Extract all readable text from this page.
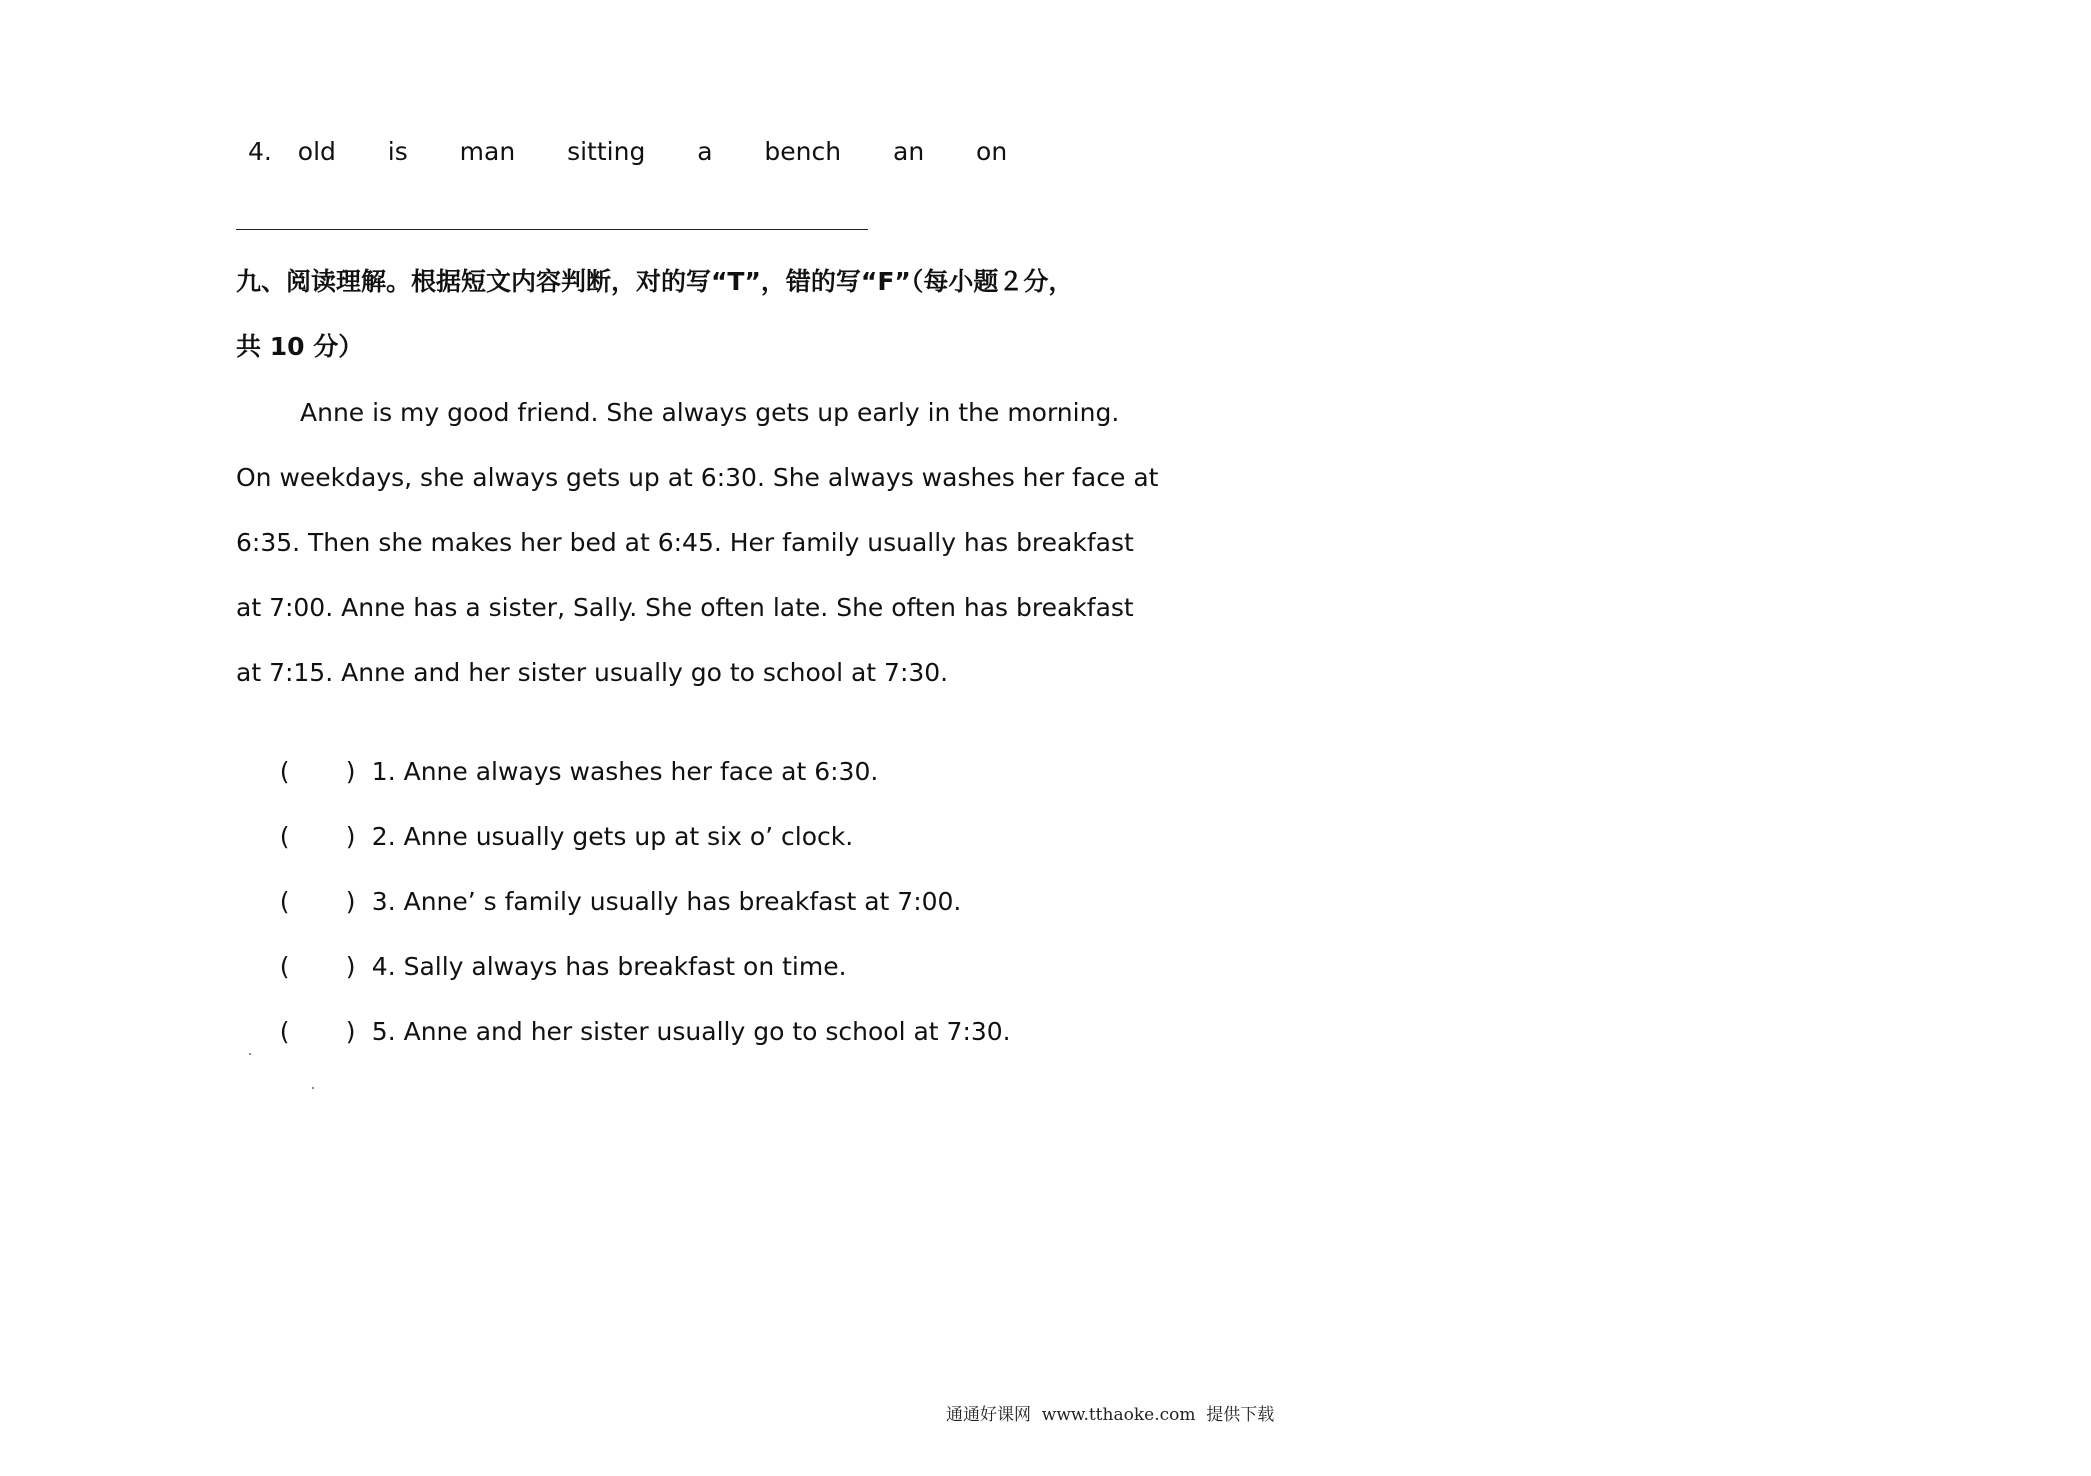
4. old  is  man  sitting  a  bench  an  on
九、阅读理解。根据短文内容判断，对的写“T”，错的写“F”（每小题２分，
共 10 分）
Anne is my good friend. She always gets up early in the morning.
On weekdays, she always gets up at 6:30. She always washes her face at
6:35. Then she makes her bed at 6:45. Her family usually has breakfast
at 7:00. Anne has a sister, Sally. She often late. She often has breakfast
at 7:15. Anne and her sister usually go to school at 7:30.

( ) 1. Anne always washes her face at 6:30.

( ) 2. Anne usually gets up at six o’ clock.

( ) 3. Anne’ s family usually has breakfast at 7:00.

( ) 4. Sally always has breakfast on time.

( ) 5. Anne and her sister usually go to school at 7:30.

通通好课网  www.tthaoke.com  提供下载
